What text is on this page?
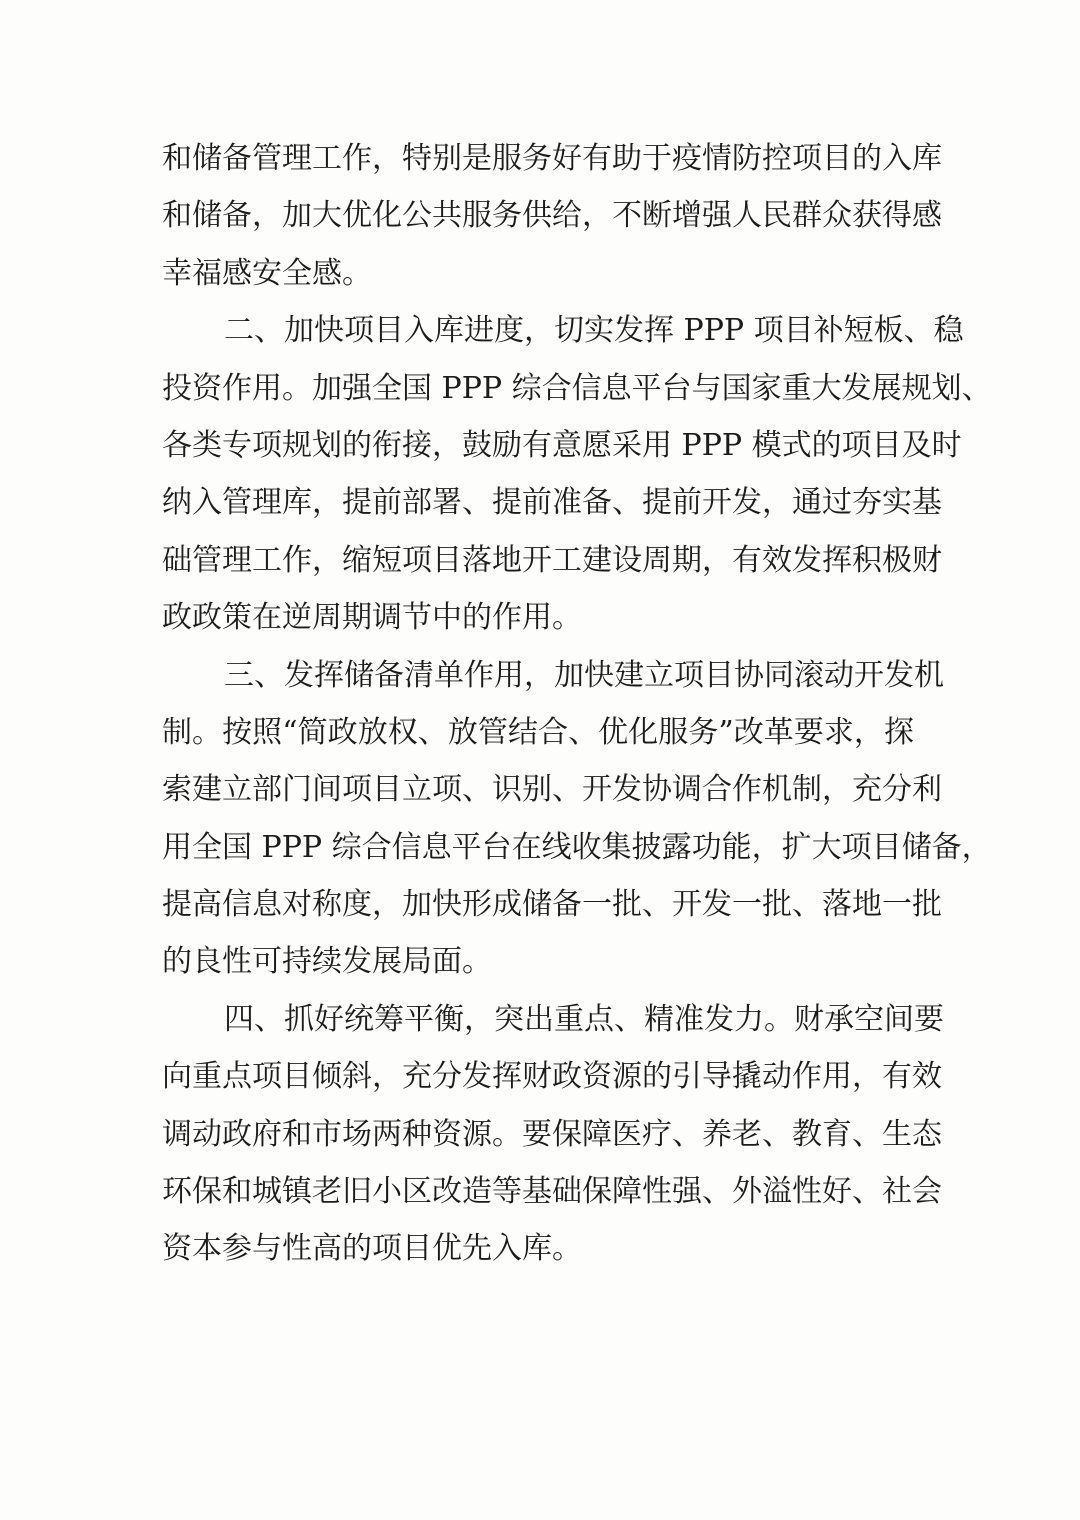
和储备管理工作，特别是服务好有助于疫情防控项目的入库
和储备，加大优化公共服务供给，不断增强人民群众获得感
幸福感安全感。
二、加快项目入库进度，切实发挥 PPP 项目补短板、稳
投资作用。加强全国 PPP 综合信息平台与国家重大发展规划、
各类专项规划的衔接，鼓励有意愿采用 PPP 模式的项目及时
纳入管理库，提前部署、提前准备、提前开发，通过夯实基
础管理工作，缩短项目落地开工建设周期，有效发挥积极财
政政策在逆周期调节中的作用。
三、发挥储备清单作用，加快建立项目协同滚动开发机
制。按照“简政放权、放管结合、优化服务”改革要求，探
索建立部门间项目立项、识别、开发协调合作机制，充分利
用全国 PPP 综合信息平台在线收集披露功能，扩大项目储备，
提高信息对称度，加快形成储备一批、开发一批、落地一批
的良性可持续发展局面。
四、抓好统筹平衡，突出重点、精准发力。财承空间要
向重点项目倾斜，充分发挥财政资源的引导撬动作用，有效
调动政府和市场两种资源。要保障医疗、养老、教育、生态
环保和城镇老旧小区改造等基础保障性强、外溢性好、社会
资本参与性高的项目优先入库。
